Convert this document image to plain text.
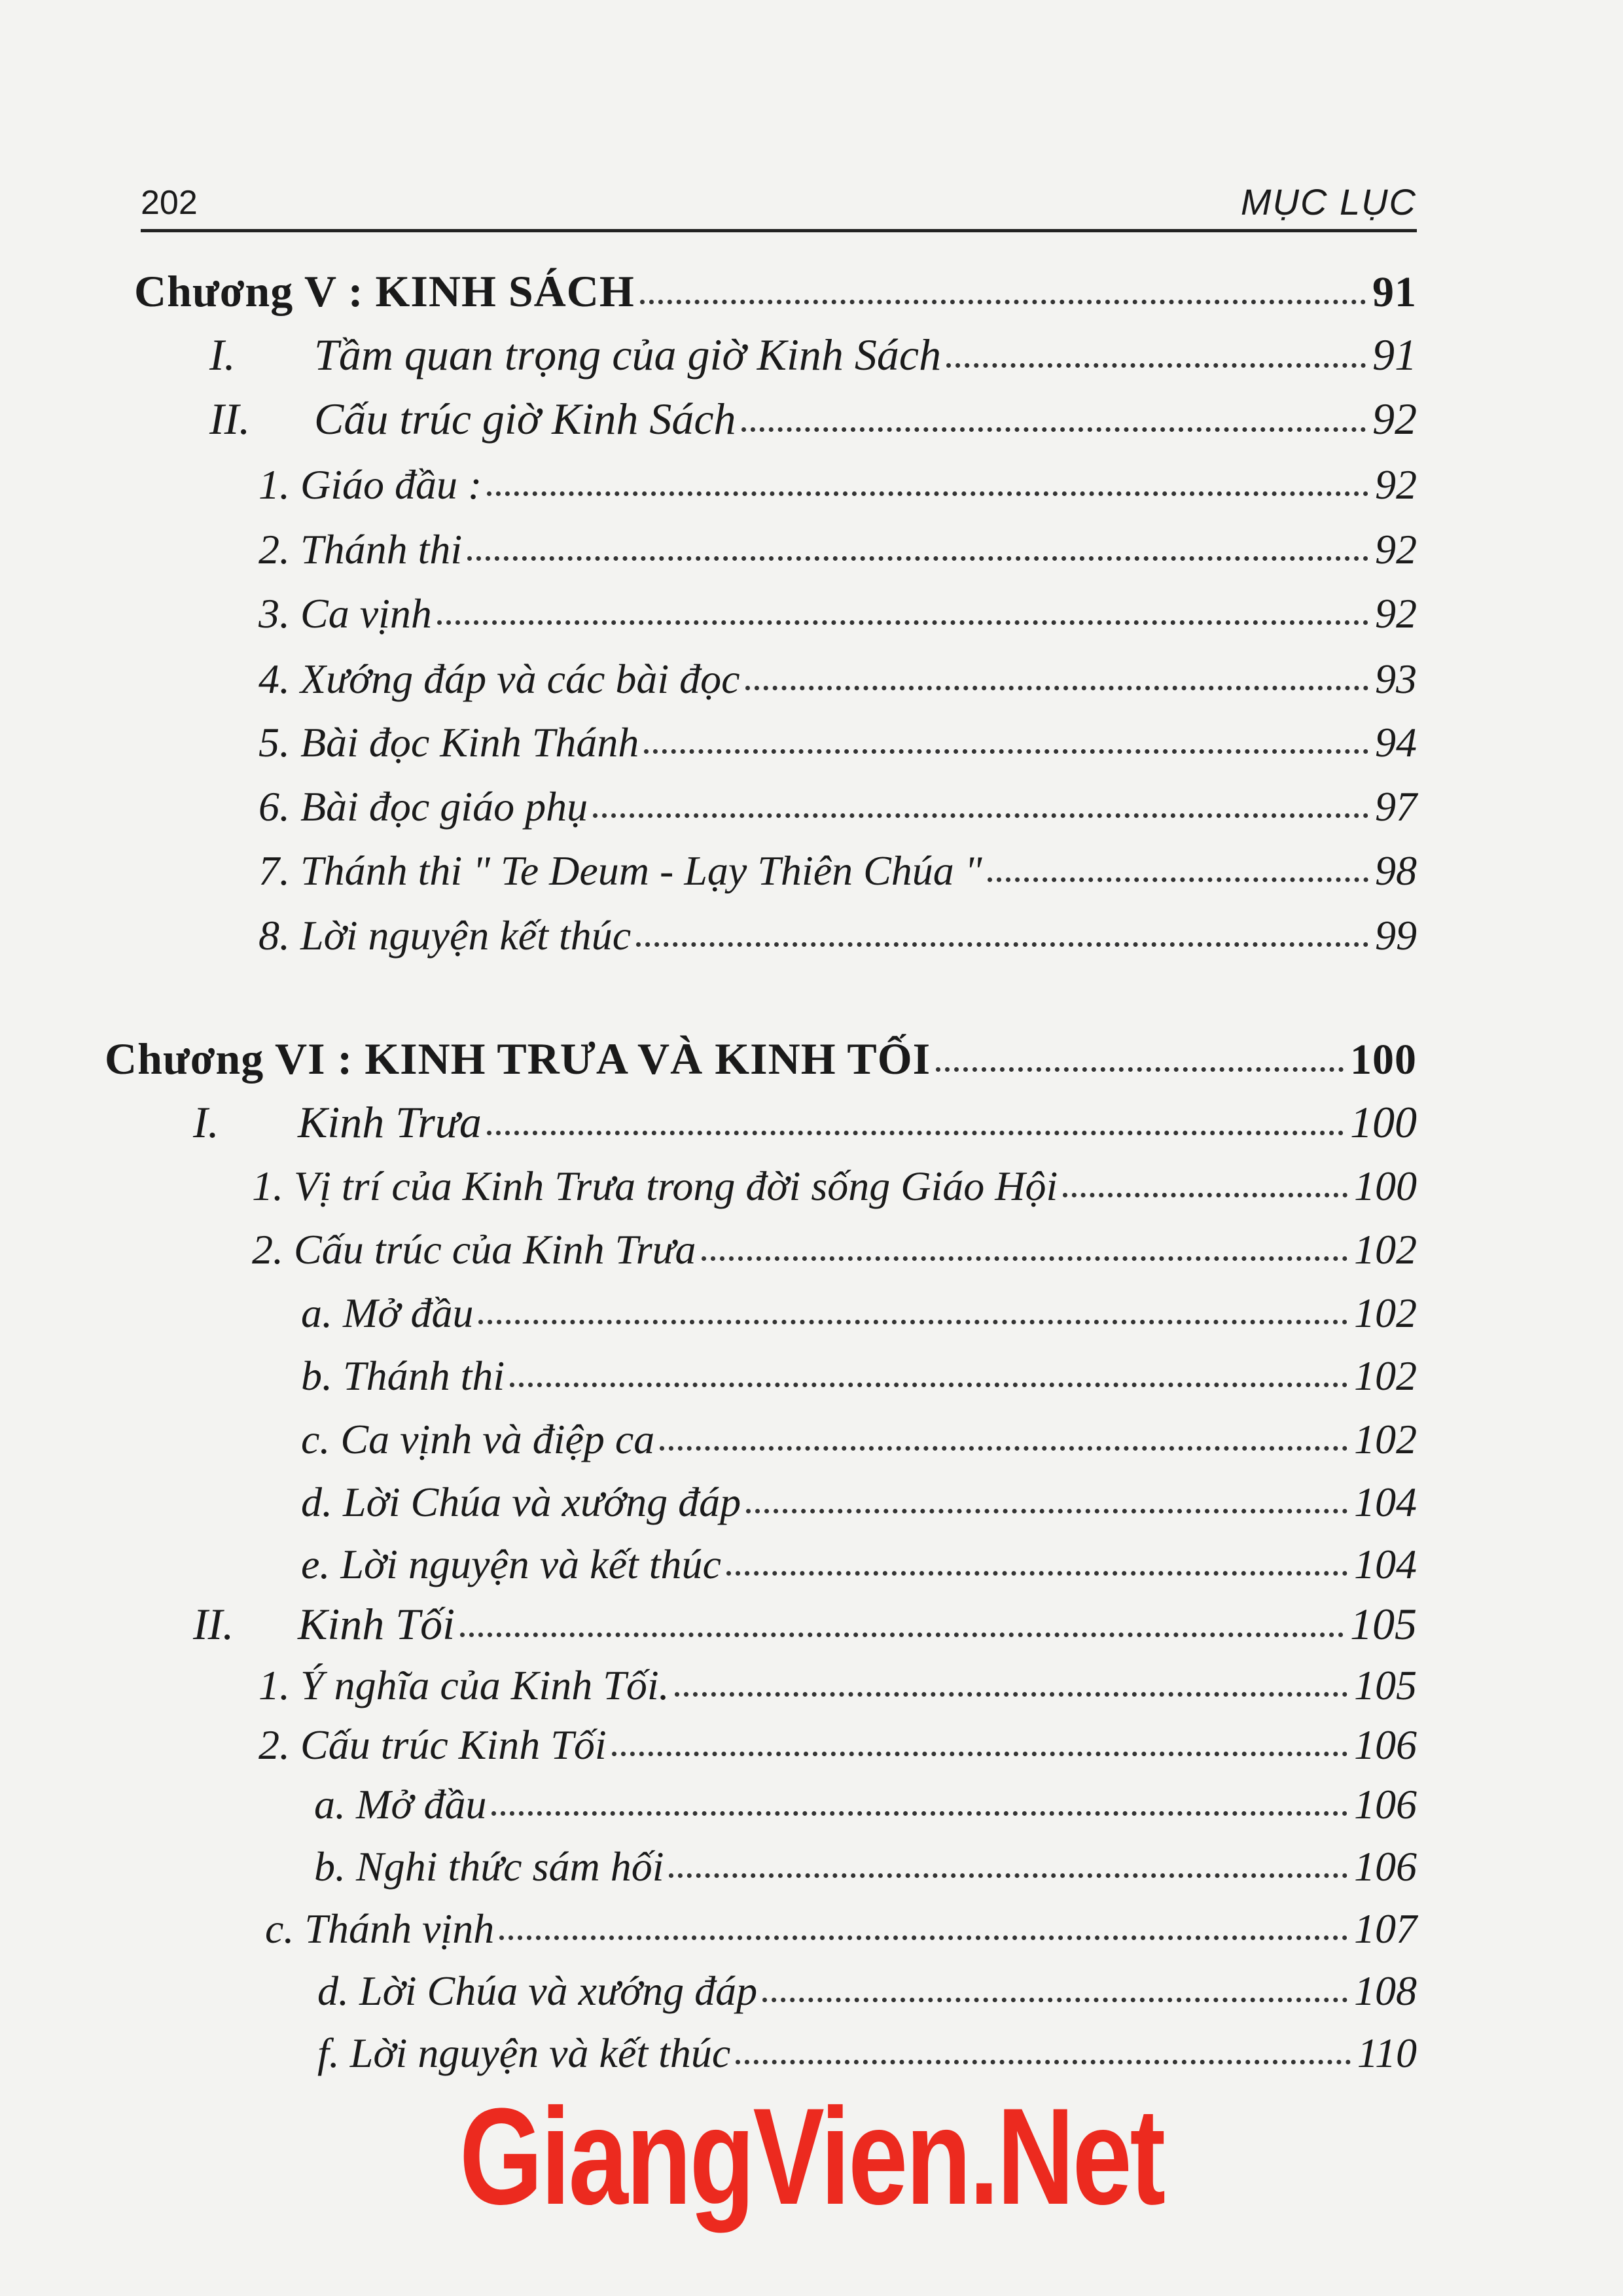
202	MỤC LỤC
Chương V : KINH SÁCH	91
I. Tầm quan trọng của giờ Kinh Sách	91
II. Cấu trúc giờ Kinh Sách	92
1. Giáo đầu :	92
2. Thánh thi	92
3. Ca vịnh	92
4. Xướng đáp và các bài đọc	93
5. Bài đọc Kinh Thánh	94
6. Bài đọc giáo phụ	97
7. Thánh thi " Te Deum - Lạy Thiên Chúa "	98
8. Lời nguyện kết thúc	99
Chương VI : KINH TRƯA VÀ KINH TỐI	100
I. Kinh Trưa	100
1. Vị trí của Kinh Trưa trong đời sống Giáo Hội	100
2. Cấu trúc của Kinh Trưa	102
a. Mở đầu	102
b. Thánh thi	102
c. Ca vịnh và điệp ca	102
d. Lời Chúa và xướng đáp	104
e. Lời nguyện và kết thúc	104
II. Kinh Tối	105
1. Ý nghĩa của Kinh Tối.	105
2. Cấu trúc Kinh Tối	106
a. Mở đầu	106
b. Nghi thức sám hối	106
c. Thánh vịnh	107
d. Lời Chúa và xướng đáp	108
f. Lời nguyện và kết thúc	110
GiangVien.Net
